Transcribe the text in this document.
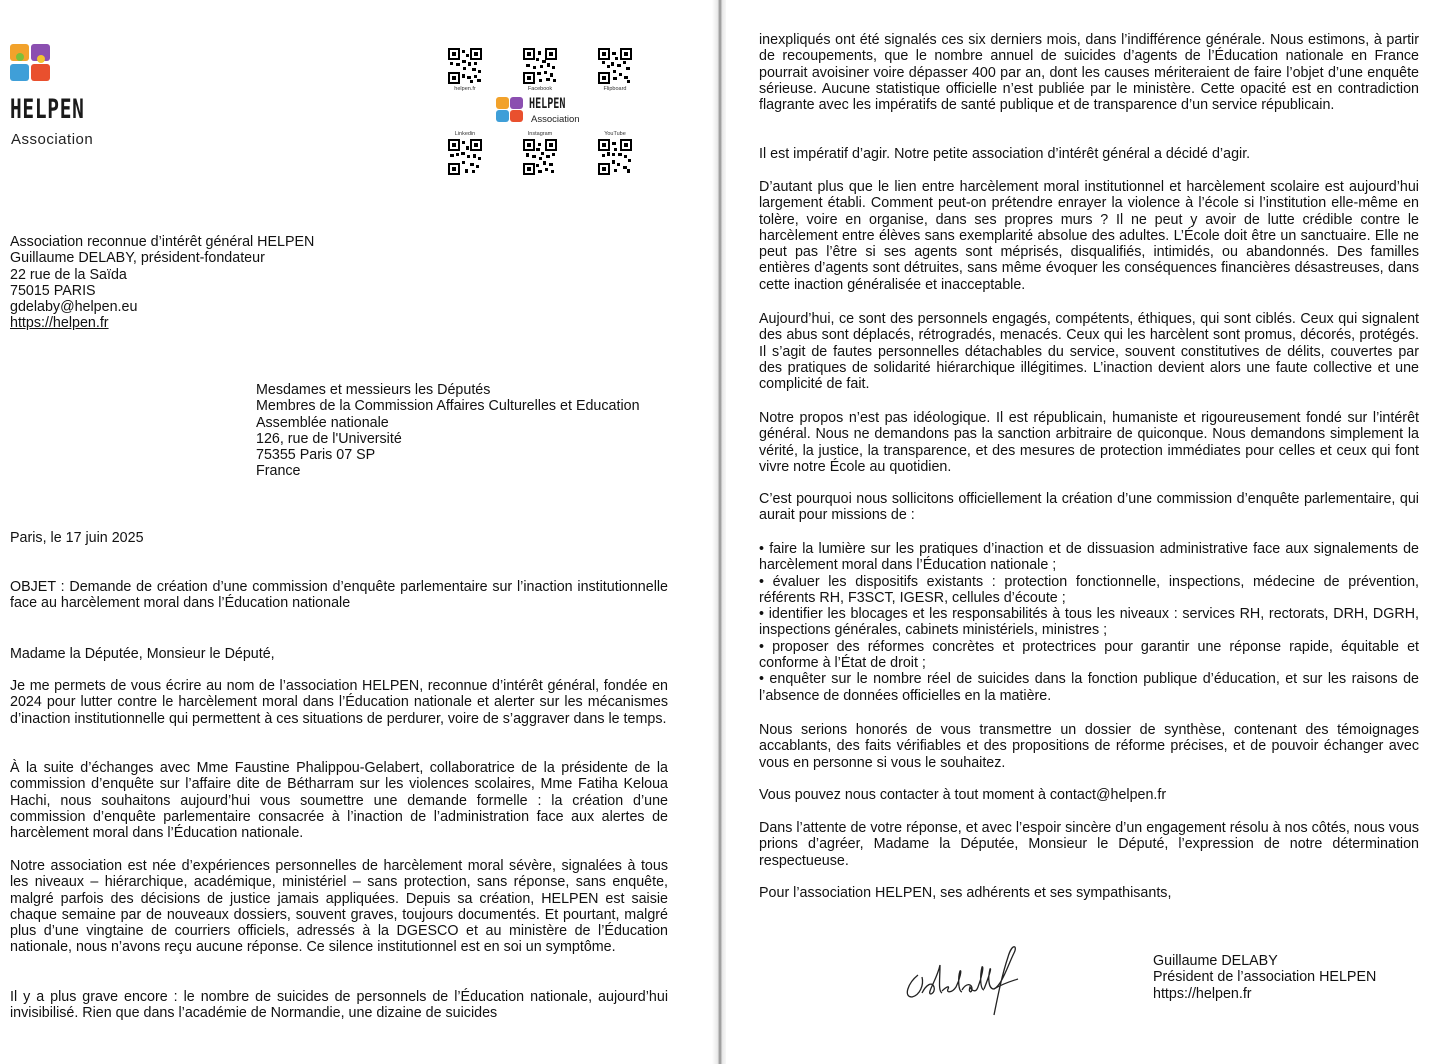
HELPEN
Association
helpen.fr	Facebook	Flipboard
HELPEN
Association
Linkedin	Instagram	YouTube
Association reconnue d’intérêt général HELPEN
Guillaume DELABY, président-fondateur
22 rue de la Saïda
75015 PARIS
gdelaby@helpen.eu
https://helpen.fr
Mesdames et messieurs les Députés
Membres de la Commission Affaires Culturelles et Education
Assemblée nationale
126, rue de l'Université
75355 Paris 07 SP
France
Paris, le 17 juin 2025
OBJET : Demande de création d’une commission d’enquête parlementaire sur l’inaction institutionnelle face au harcèlement moral dans l’Éducation nationale
Madame la Députée, Monsieur le Député,
Je me permets de vous écrire au nom de l’association HELPEN, reconnue d’intérêt général, fondée en 2024 pour lutter contre le harcèlement moral dans l’Éducation nationale et alerter sur les mécanismes d’inaction institutionnelle qui permettent à ces situations de perdurer, voire de s’aggraver dans le temps.
À la suite d’échanges avec Mme Faustine Phalippou-Gelabert, collaboratrice de la présidente de la commission d’enquête sur l’affaire dite de Bétharram sur les violences scolaires, Mme Fatiha Keloua Hachi, nous souhaitons aujourd’hui vous soumettre une demande formelle : la création d’une commission d’enquête parlementaire consacrée à l’inaction de l’administration face aux alertes de harcèlement moral dans l’Éducation nationale.
Notre association est née d’expériences personnelles de harcèlement moral sévère, signalées à tous les niveaux – hiérarchique, académique, ministériel – sans protection, sans réponse, sans enquête, malgré parfois des décisions de justice jamais appliquées. Depuis sa création, HELPEN est saisie chaque semaine par de nouveaux dossiers, souvent graves, toujours documentés. Et pourtant, malgré plus d’une vingtaine de courriers officiels, adressés à la DGESCO et au ministère de l’Éducation nationale, nous n’avons reçu aucune réponse. Ce silence institutionnel est en soi un symptôme.
Il y a plus grave encore : le nombre de suicides de personnels de l’Éducation nationale, aujourd’hui invisibilisé. Rien que dans l’académie de Normandie, une dizaine de suicides
inexpliqués ont été signalés ces six derniers mois, dans l’indifférence générale. Nous estimons, à partir de recoupements, que le nombre annuel de suicides d’agents de l’Éducation nationale en France pourrait avoisiner voire dépasser 400 par an, dont les causes mériteraient de faire l’objet d’une enquête sérieuse. Aucune statistique officielle n’est publiée par le ministère. Cette opacité est en contradiction flagrante avec les impératifs de santé publique et de transparence d’un service républicain.
Il est impératif d’agir. Notre petite association d’intérêt général a décidé d’agir.
D’autant plus que le lien entre harcèlement moral institutionnel et harcèlement scolaire est aujourd’hui largement établi. Comment peut-on prétendre enrayer la violence à l’école si l’institution elle-même en tolère, voire en organise, dans ses propres murs ? Il ne peut y avoir de lutte crédible contre le harcèlement entre élèves sans exemplarité absolue des adultes. L’École doit être un sanctuaire. Elle ne peut pas l’être si ses agents sont méprisés, disqualifiés, intimidés, ou abandonnés. Des familles entières d’agents sont détruites, sans même évoquer les conséquences financières désastreuses, dans cette inaction généralisée et inacceptable.
Aujourd’hui, ce sont des personnels engagés, compétents, éthiques, qui sont ciblés. Ceux qui signalent des abus sont déplacés, rétrogradés, menacés. Ceux qui les harcèlent sont promus, décorés, protégés. Il s’agit de fautes personnelles détachables du service, souvent constitutives de délits, couvertes par des pratiques de solidarité hiérarchique illégitimes. L’inaction devient alors une faute collective et une complicité de fait.
Notre propos n’est pas idéologique. Il est républicain, humaniste et rigoureusement fondé sur l’intérêt général. Nous ne demandons pas la sanction arbitraire de quiconque. Nous demandons simplement la vérité, la justice, la transparence, et des mesures de protection immédiates pour celles et ceux qui font vivre notre École au quotidien.
C’est pourquoi nous sollicitons officiellement la création d’une commission d’enquête parlementaire, qui aurait pour missions de :
• faire la lumière sur les pratiques d’inaction et de dissuasion administrative face aux signalements de harcèlement moral dans l’Éducation nationale ;
• évaluer les dispositifs existants : protection fonctionnelle, inspections, médecine de prévention, référents RH, F3SCT, IGESR, cellules d’écoute ;
• identifier les blocages et les responsabilités à tous les niveaux : services RH, rectorats, DRH, DGRH, inspections générales, cabinets ministériels, ministres ;
• proposer des réformes concrètes et protectrices pour garantir une réponse rapide, équitable et conforme à l’État de droit ;
• enquêter sur le nombre réel de suicides dans la fonction publique d’éducation, et sur les raisons de l’absence de données officielles en la matière.
Nous serions honorés de vous transmettre un dossier de synthèse, contenant des témoignages accablants, des faits vérifiables et des propositions de réforme précises, et de pouvoir échanger avec vous en personne si vous le souhaitez.
Vous pouvez nous contacter à tout moment à contact@helpen.fr
Dans l’attente de votre réponse, et avec l’espoir sincère d’un engagement résolu à nos côtés, nous vous prions d’agréer, Madame la Députée, Monsieur le Député, l’expression de notre détermination respectueuse.
Pour l’association HELPEN, ses adhérents et ses sympathisants,
Guillaume DELABY
Président de l’association HELPEN
https://helpen.fr
